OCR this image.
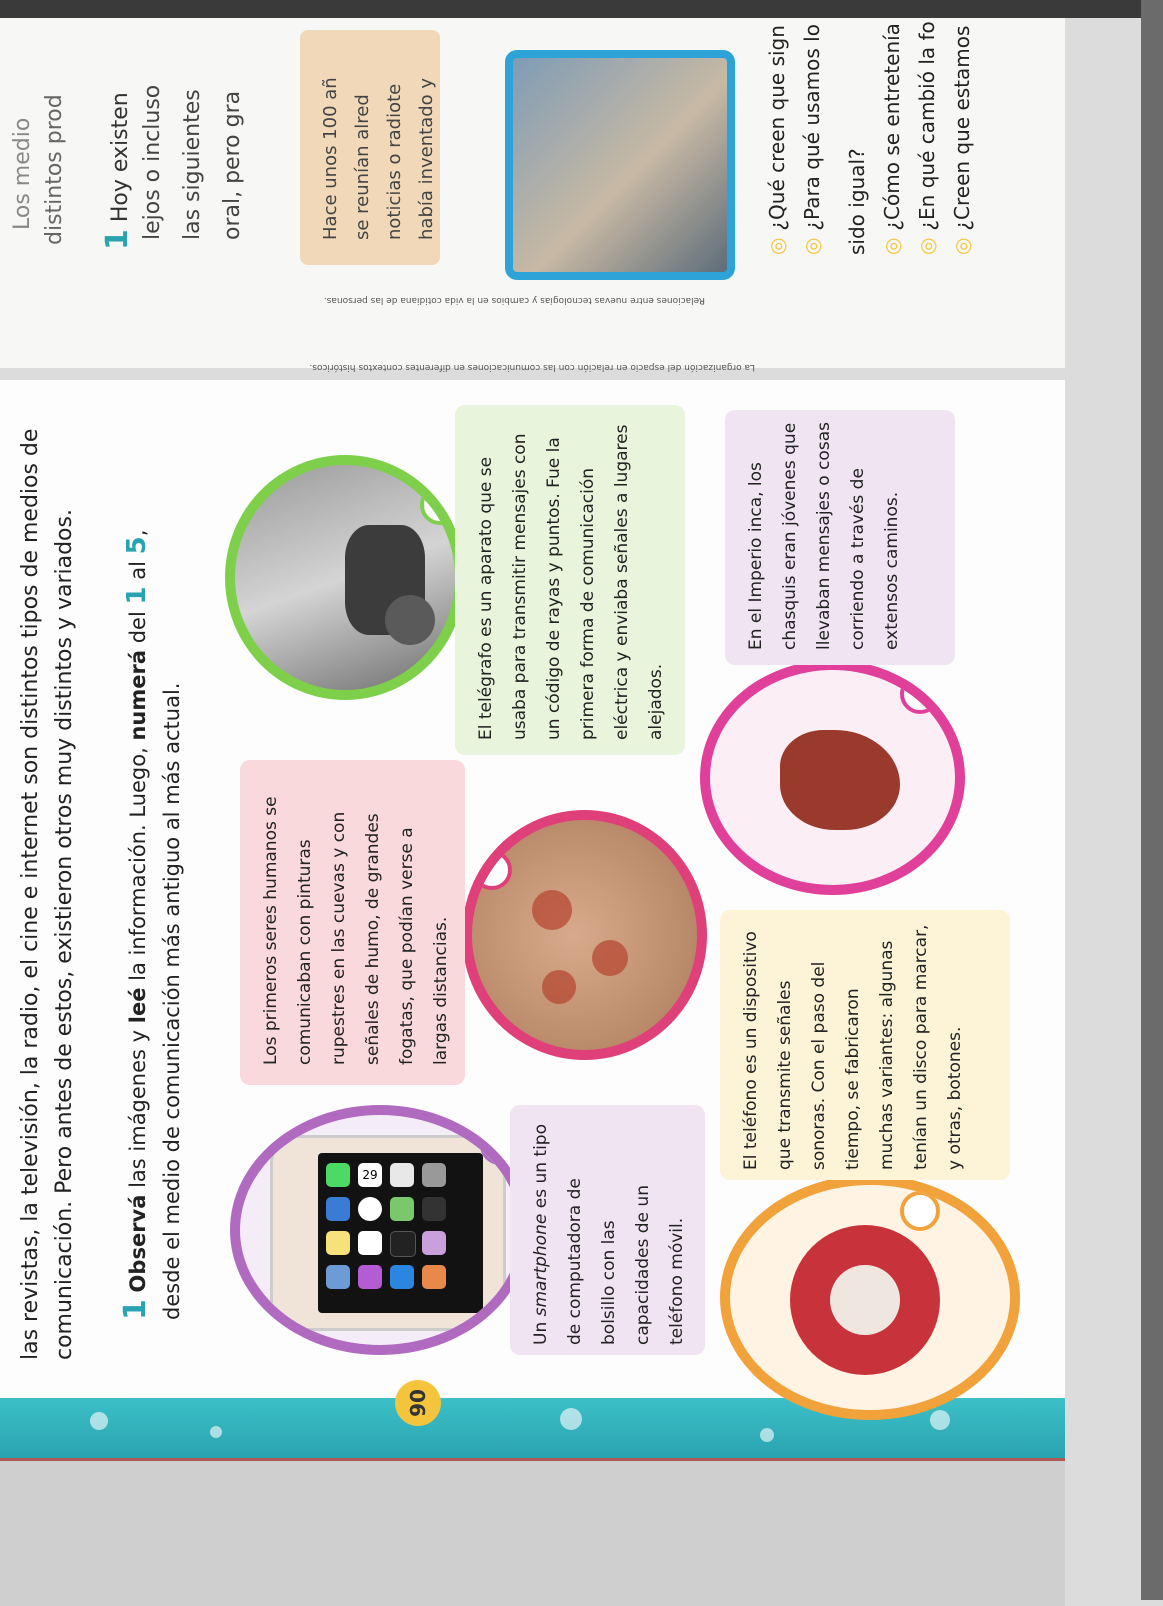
90
las revistas, la televisión, la radio, el cine e internet son distintos tipos de medios de comunicación. Pero antes de estos, existieron otros muy distintos y variados. 1 Observá las imágenes y leé la información. Luego, numerá del 1 al 5,
desde el medio de comunicación más antiguo al más actual.
La organización del espacio en relación con las comunicaciones en diferentes contextos históricos.
Relaciones entre nuevas tecnologías y cambios en la vida cotidiana de las personas.
29
Un smartphone es un tipo de computadora de bolsillo con las capacidades de un teléfono móvil.
El teléfono es un dispositivo que transmite señales sonoras. Con el paso del tiempo, se fabricaron muchas variantes: algunas tenían un disco para marcar, y otras, botones.
Los primeros seres humanos se comunicaban con pinturas rupestres en las cuevas y con señales de humo, de grandes fogatas, que podían verse a largas distancias.
En el Imperio inca, los chasquis eran jóvenes que llevaban mensajes o cosas corriendo a través de extensos caminos.
El telégrafo es un aparato que se usaba para transmitir mensajes con un código de rayas y puntos. Fue la primera forma de comunicación eléctrica y enviaba señales a lugares alejados.
Los medio distintos prod 1 Hoy existen lejos o incluso las siguientes oral, pero gra	Hace unos 100 añ se reunían alred noticias o radiote había inventado y
◎ ¿Qué creen que sign
◎ ¿Para qué usamos lo sido igual? ◎ ¿Cómo se entretenía
◎ ¿En qué cambió la fo
◎ ¿Creen que estamos
